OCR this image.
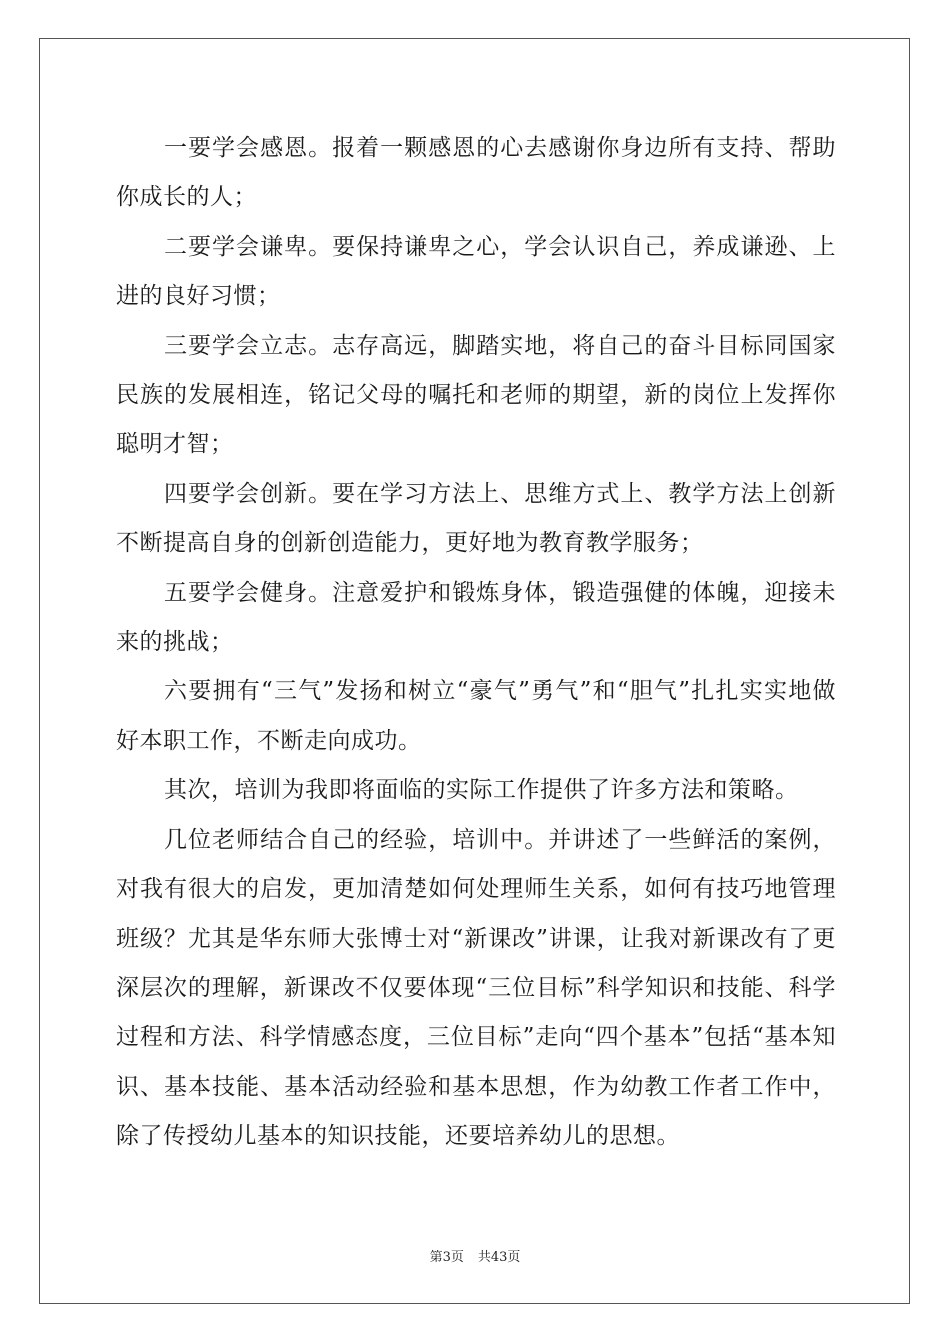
一要学会感恩。报着一颗感恩的心去感谢你身边所有支持、帮助你成长的人；

二要学会谦卑。要保持谦卑之心，学会认识自己，养成谦逊、上进的良好习惯；

三要学会立志。志存高远，脚踏实地，将自己的奋斗目标同国家民族的发展相连，铭记父母的嘱托和老师的期望，新的岗位上发挥你聪明才智；

四要学会创新。要在学习方法上、思维方式上、教学方法上创新不断提高自身的创新创造能力，更好地为教育教学服务；

五要学会健身。注意爱护和锻炼身体，锻造强健的体魄，迎接未来的挑战；

六要拥有“三气”发扬和树立“豪气”勇气”和“胆气”扎扎实实地做好本职工作，不断走向成功。

其次，培训为我即将面临的实际工作提供了许多方法和策略。

几位老师结合自己的经验，培训中。并讲述了一些鲜活的案例，对我有很大的启发，更加清楚如何处理师生关系，如何有技巧地管理班级？尤其是华东师大张博士对“新课改”讲课，让我对新课改有了更深层次的理解，新课改不仅要体现“三位目标”科学知识和技能、科学过程和方法、科学情感态度，三位目标”走向“四个基本”包括“基本知识、基本技能、基本活动经验和基本思想，作为幼教工作者工作中，除了传授幼儿基本的知识技能，还要培养幼儿的思想。

第3页 共43页
